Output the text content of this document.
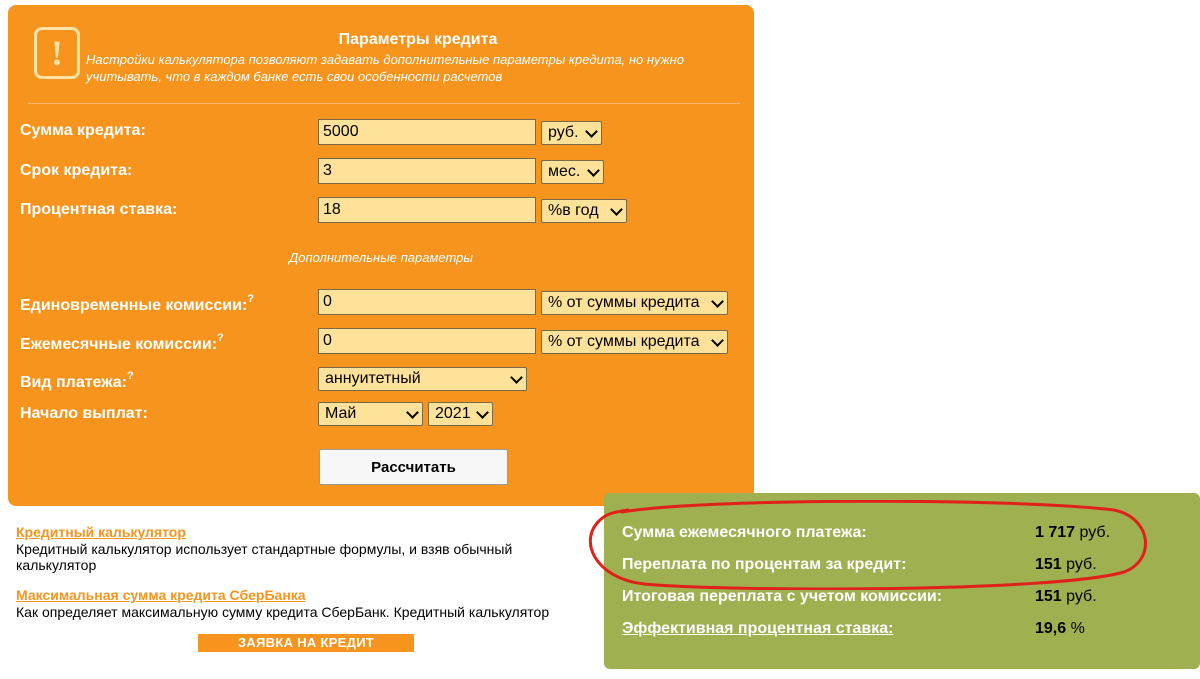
!	Параметры кредита
Настройки калькулятора позволяют задавать дополнительные параметры кредита, но нужно учитывать, что в каждом банке есть свои особенности расчетов
Сумма кредита:	5000	руб.
Срок кредита:	3	мес.
Процентная ставка:	18	%в год
Дополнительные параметры
Единовременные комиссии:?	0	% от суммы кредита
Ежемесячные комиссии:?	0	% от суммы кредита
Вид платежа:?	аннуитетный
Начало выплат:	Май	2021
Рассчитать
Кредитный калькулятор
Кредитный калькулятор использует стандартные формулы, и взяв обычный калькулятор
Максимальная сумма кредита СберБанка
Как определяет максимальную сумму кредита СберБанк. Кредитный калькулятор
ЗАЯВКА НА КРЕДИТ
Сумма ежемесячного платежа:	1 717 руб.
Переплата по процентам за кредит:	151 руб.
Итоговая переплата с учетом комиссии:	151 руб.
Эффективная процентная ставка:	19,6 %
